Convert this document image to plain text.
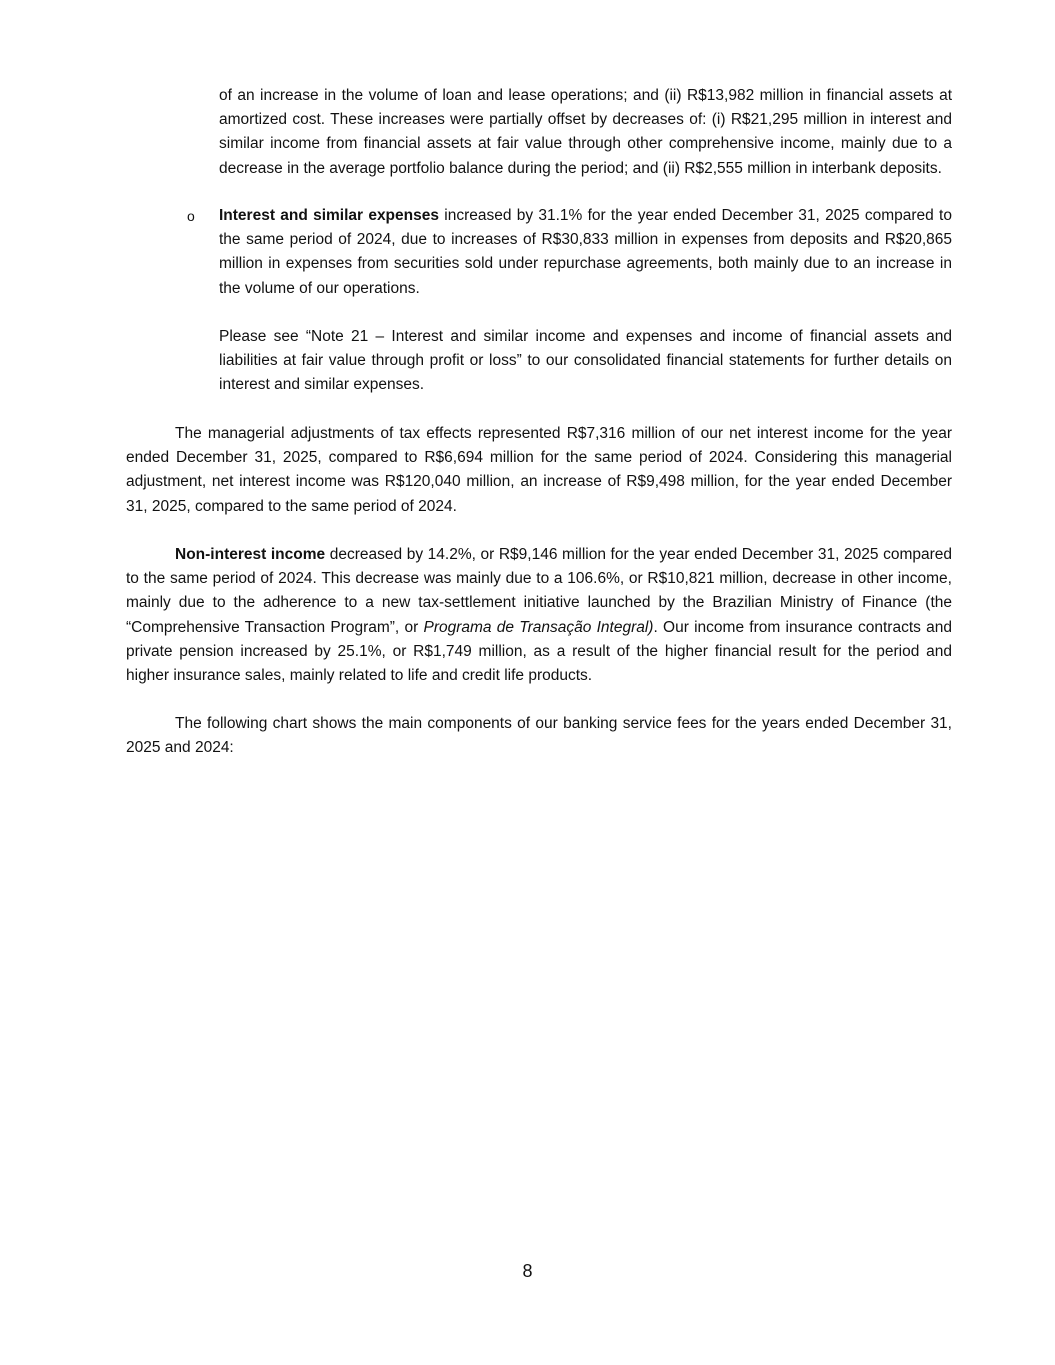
of an increase in the volume of loan and lease operations; and (ii) R$13,982 million in financial assets at amortized cost. These increases were partially offset by decreases of: (i) R$21,295 million in interest and similar income from financial assets at fair value through other comprehensive income, mainly due to a decrease in the average portfolio balance during the period; and (ii) R$2,555 million in interbank deposits.

o Interest and similar expenses increased by 31.1% for the year ended December 31, 2025 compared to the same period of 2024, due to increases of R$30,833 million in expenses from deposits and R$20,865 million in expenses from securities sold under repurchase agreements, both mainly due to an increase in the volume of our operations.

Please see “Note 21 – Interest and similar income and expenses and income of financial assets and liabilities at fair value through profit or loss” to our consolidated financial statements for further details on interest and similar expenses.

The managerial adjustments of tax effects represented R$7,316 million of our net interest income for the year ended December 31, 2025, compared to R$6,694 million for the same period of 2024. Considering this managerial adjustment, net interest income was R$120,040 million, an increase of R$9,498 million, for the year ended December 31, 2025, compared to the same period of 2024.

Non-interest income decreased by 14.2%, or R$9,146 million for the year ended December 31, 2025 compared to the same period of 2024. This decrease was mainly due to a 106.6%, or R$10,821 million, decrease in other income, mainly due to the adherence to a new tax-settlement initiative launched by the Brazilian Ministry of Finance (the “Comprehensive Transaction Program”, or Programa de Transação Integral). Our income from insurance contracts and private pension increased by 25.1%, or R$1,749 million, as a result of the higher financial result for the period and higher insurance sales, mainly related to life and credit life products.

The following chart shows the main components of our banking service fees for the years ended December 31, 2025 and 2024:

8
